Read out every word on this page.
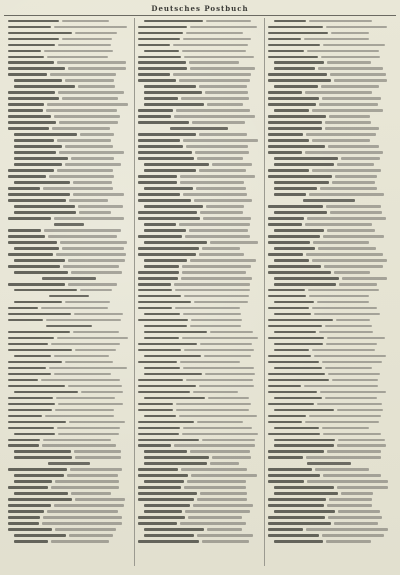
Deutsches Postbuch
